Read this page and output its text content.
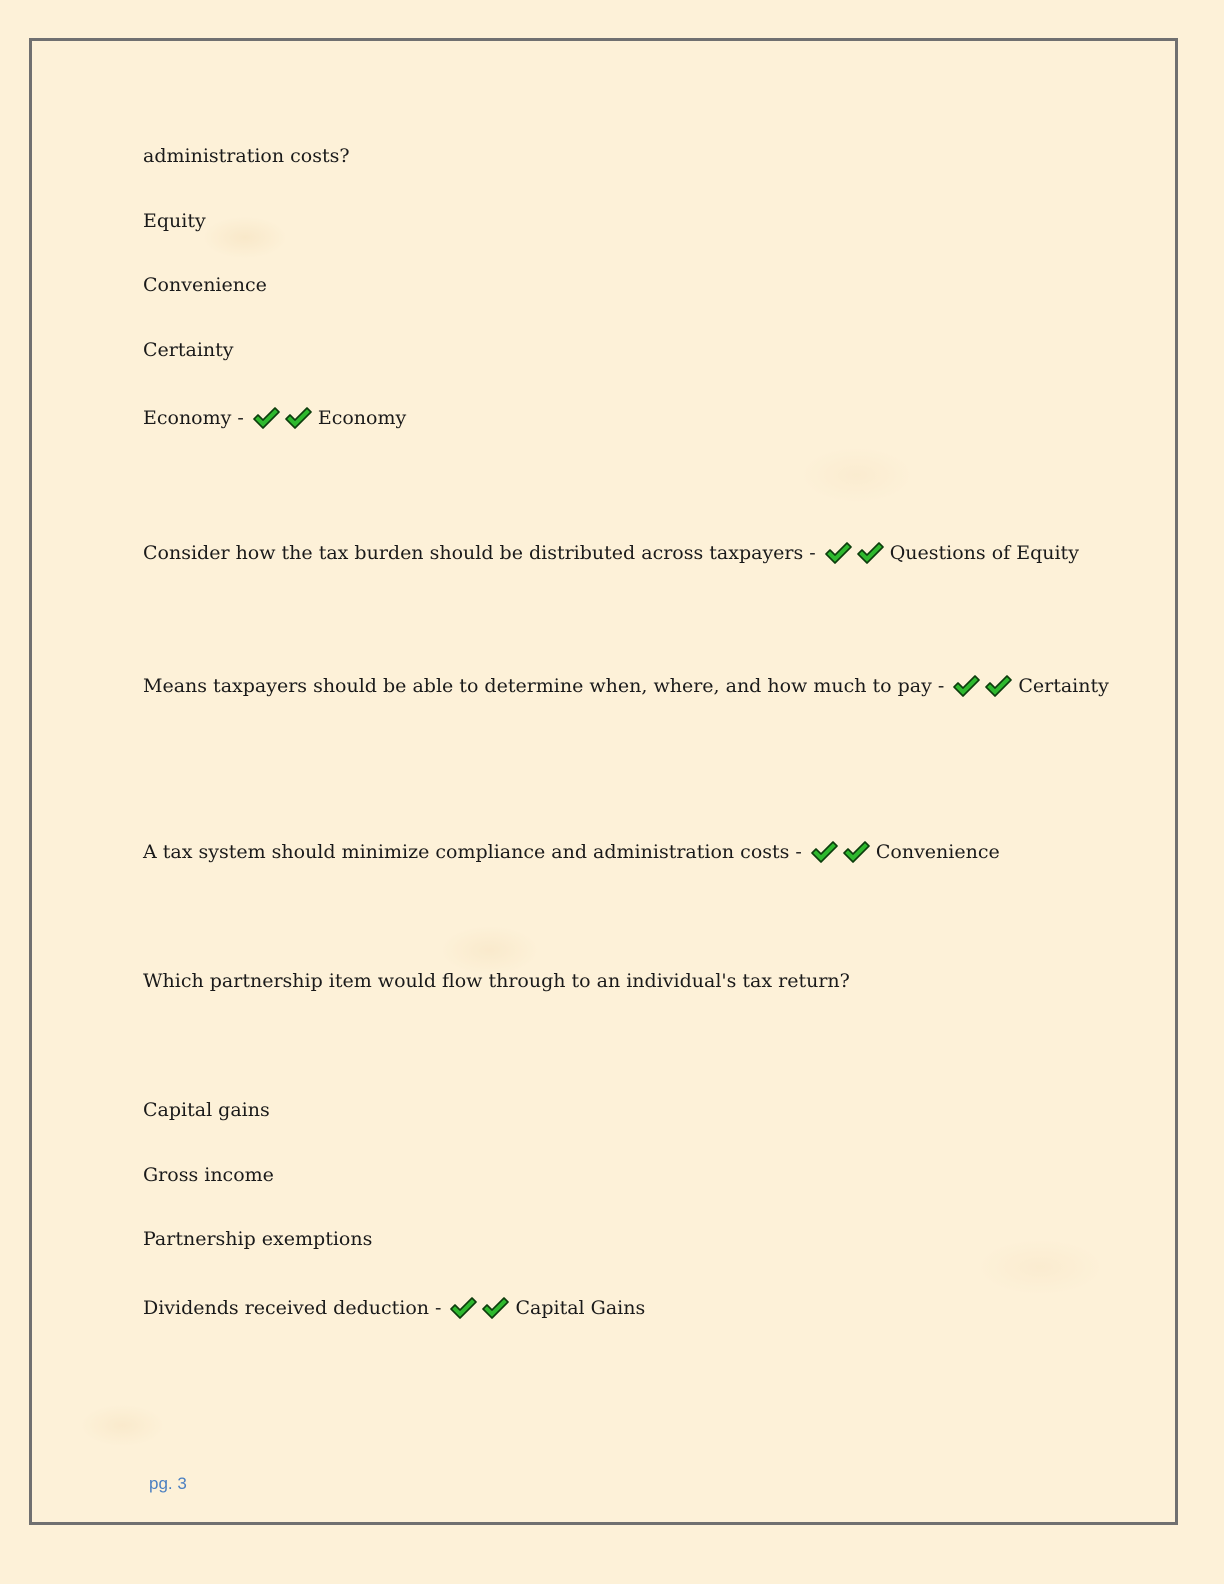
administration costs?
Equity
Convenience
Certainty
Economy -	Economy
Consider how the tax burden should be distributed across taxpayers -	Questions of Equity
Means taxpayers should be able to determine when, where, and how much to pay -	Certainty
A tax system should minimize compliance and administration costs -	Convenience
Which partnership item would flow through to an individual's tax return?
Capital gains
Gross income
Partnership exemptions
Dividends received deduction -	Capital Gains
pg. 3
